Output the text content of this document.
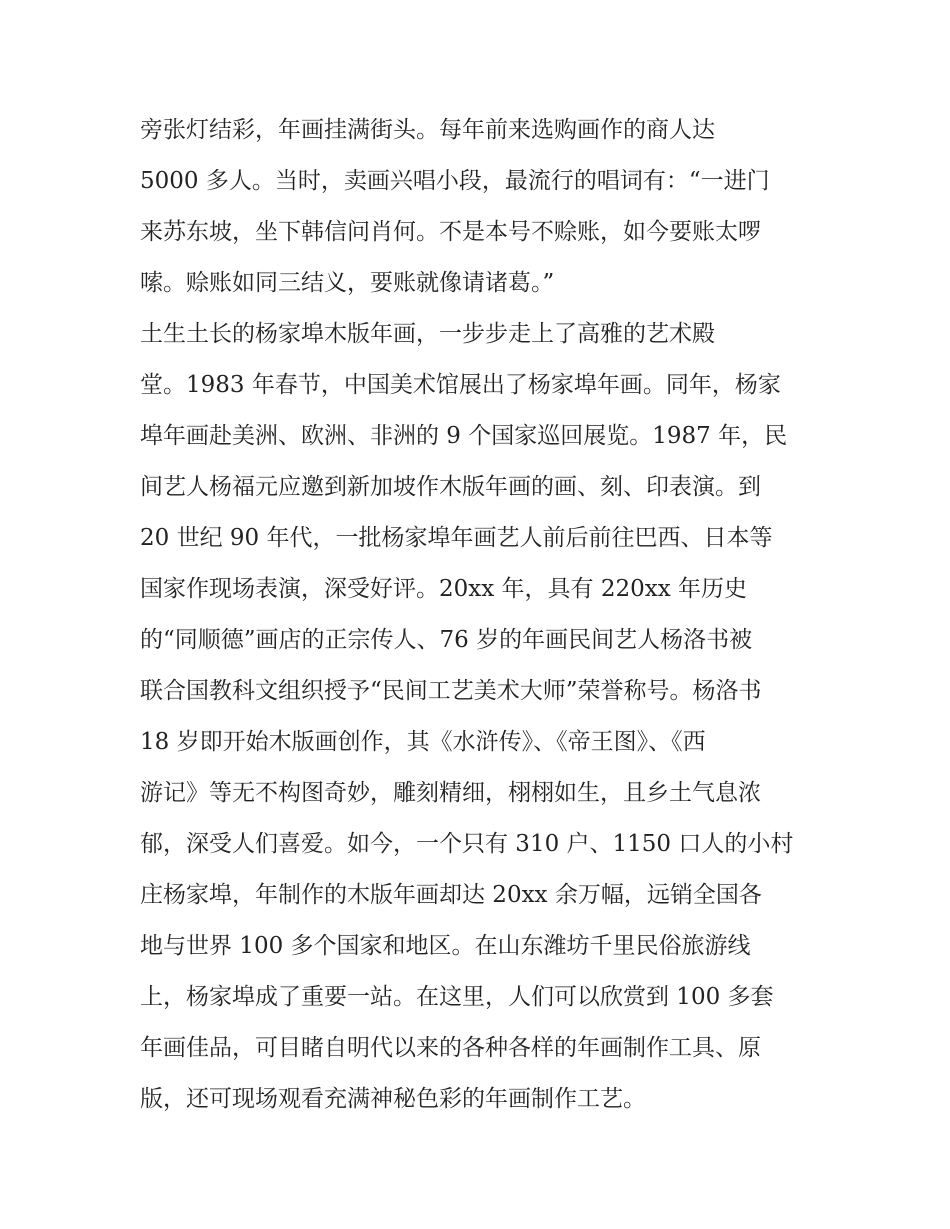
旁张灯结彩，年画挂满街头。每年前来选购画作的商人达
5000 多人。当时，卖画兴唱小段，最流行的唱词有：“一进门
来苏东坡，坐下韩信问肖何。不是本号不赊账，如今要账太啰
嗦。赊账如同三结义，要账就像请诸葛。”
土生土长的杨家埠木版年画，一步步走上了高雅的艺术殿
堂。1983 年春节，中国美术馆展出了杨家埠年画。同年，杨家
埠年画赴美洲、欧洲、非洲的 9 个国家巡回展览。1987 年，民
间艺人杨福元应邀到新加坡作木版年画的画、刻、印表演。到
20 世纪 90 年代，一批杨家埠年画艺人前后前往巴西、日本等
国家作现场表演，深受好评。20xx 年，具有 220xx 年历史
的“同顺德”画店的正宗传人、76 岁的年画民间艺人杨洛书被
联合国教科文组织授予“民间工艺美术大师”荣誉称号。杨洛书
18 岁即开始木版画创作，其《水浒传》、《帝王图》、《西
游记》等无不构图奇妙，雕刻精细，栩栩如生，且乡土气息浓
郁，深受人们喜爱。如今，一个只有 310 户、1150 口人的小村
庄杨家埠，年制作的木版年画却达 20xx 余万幅，远销全国各
地与世界 100 多个国家和地区。在山东潍坊千里民俗旅游线
上，杨家埠成了重要一站。在这里，人们可以欣赏到 100 多套
年画佳品，可目睹自明代以来的各种各样的年画制作工具、原
版，还可现场观看充满神秘色彩的年画制作工艺。
